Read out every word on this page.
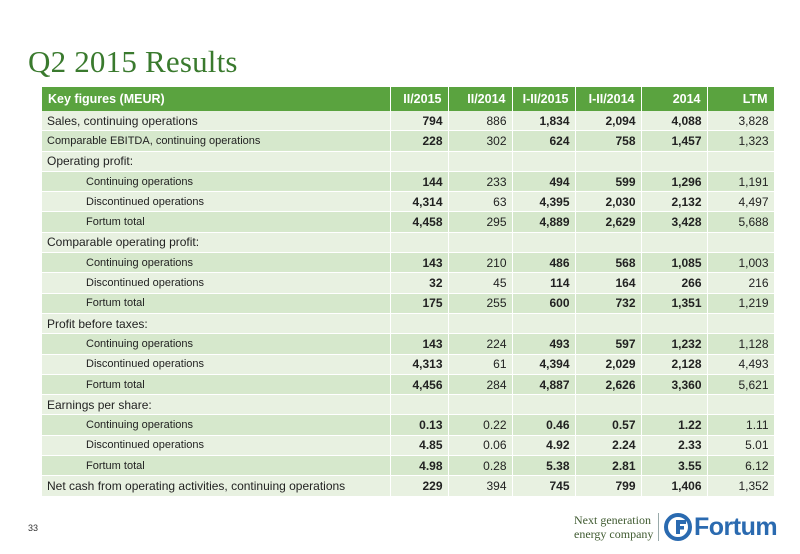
Q2 2015 Results
Key figures (MEUR)	II/2015	II/2014	I-II/2015	I-II/2014	2014	LTM
Sales, continuing operations	794	886	1,834	2,094	4,088	3,828
Comparable EBITDA, continuing operations	228	302	624	758	1,457	1,323
Operating profit:						
Continuing operations	144	233	494	599	1,296	1,191
Discontinued operations	4,314	63	4,395	2,030	2,132	4,497
Fortum total	4,458	295	4,889	2,629	3,428	5,688
Comparable operating profit:						
Continuing operations	143	210	486	568	1,085	1,003
Discontinued operations	32	45	114	164	266	216
Fortum total	175	255	600	732	1,351	1,219
Profit before taxes:						
Continuing operations	143	224	493	597	1,232	1,128
Discontinued operations	4,313	61	4,394	2,029	2,128	4,493
Fortum total	4,456	284	4,887	2,626	3,360	5,621
Earnings per share:						
Continuing operations	0.13	0.22	0.46	0.57	1.22	1.11
Discontinued operations	4.85	0.06	4.92	2.24	2.33	5.01
Fortum total	4.98	0.28	5.38	2.81	3.55	6.12
Net cash from operating activities, continuing operations	229	394	745	799	1,406	1,352
33
Next generation
energy company Fortum
